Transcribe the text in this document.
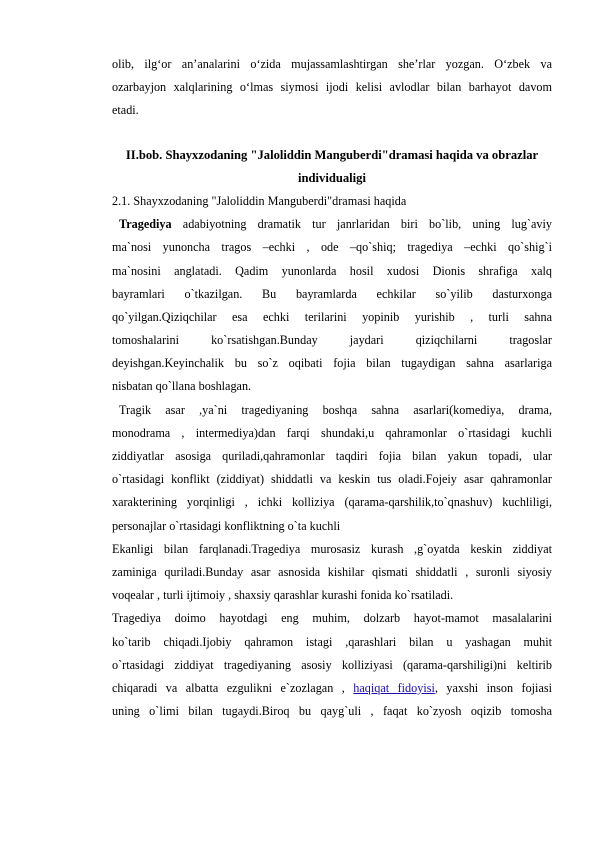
olib, ilg‘or an’analarini o‘zida mujassamlashtirgan she’rlar yozgan. O‘zbek va
ozarbayjon xalqlarining o‘lmas siymosi ijodi kelisi avlodlar bilan barhayot davom
etadi.
II.bob. Shayxzodaning "Jaloliddin Manguberdi"dramasi haqida va obrazlar
individualigi
2.1. Shayxzodaning "Jaloliddin Manguberdi"dramasi haqida
Tragediya adabiyotning dramatik tur janrlaridan biri bo`lib, uning lug`aviy
ma`nosi yunoncha tragos –echki , ode –qo`shiq; tragediya –echki qo`shig`i
ma`nosini anglatadi. Qadim yunonlarda hosil xudosi Dionis shrafiga xalq
bayramlari o`tkazilgan. Bu bayramlarda echkilar so`yilib dasturxonga
qo`yilgan.Qiziqchilar esa echki terilarini yopinib yurishib , turli sahna
tomoshalarini ko`rsatishgan.Bunday jaydari qiziqchilarni tragoslar
deyishgan.Keyinchalik bu so`z oqibati fojia bilan tugaydigan sahna asarlariga
nisbatan qo`llana boshlagan.
Tragik asar ,ya`ni tragediyaning boshqa sahna asarlari(komediya, drama,
monodrama , intermediya)dan farqi shundaki,u qahramonlar o`rtasidagi kuchli
ziddiyatlar asosiga quriladi,qahramonlar taqdiri fojia bilan yakun topadi, ular
o`rtasidagi konflikt (ziddiyat) shiddatli va keskin tus oladi.Fojeiy asar qahramonlar
xarakterining yorqinligi , ichki kolliziya (qarama-qarshilik,to`qnashuv) kuchliligi,
personajlar o`rtasidagi konfliktning o`ta kuchli
Ekanligi bilan farqlanadi.Tragediya murosasiz kurash ,g`oyatda keskin ziddiyat
zaminiga quriladi.Bunday asar asnosida kishilar qismati shiddatli , suronli siyosiy
voqealar , turli ijtimoiy , shaxsiy qarashlar kurashi fonida ko`rsatiladi.
Tragediya doimo hayotdagi eng muhim, dolzarb hayot-mamot masalalarini
ko`tarib chiqadi.Ijobiy qahramon istagi ,qarashlari bilan u yashagan muhit
o`rtasidagi ziddiyat tragediyaning asosiy kolliziyasi (qarama-qarshiligi)ni keltirib
chiqaradi va albatta ezgulikni e`zozlagan , haqiqat fidoyisi, yaxshi inson fojiasi
uning o`limi bilan tugaydi.Biroq bu qayg`uli , faqat ko`zyosh oqizib tomosha
